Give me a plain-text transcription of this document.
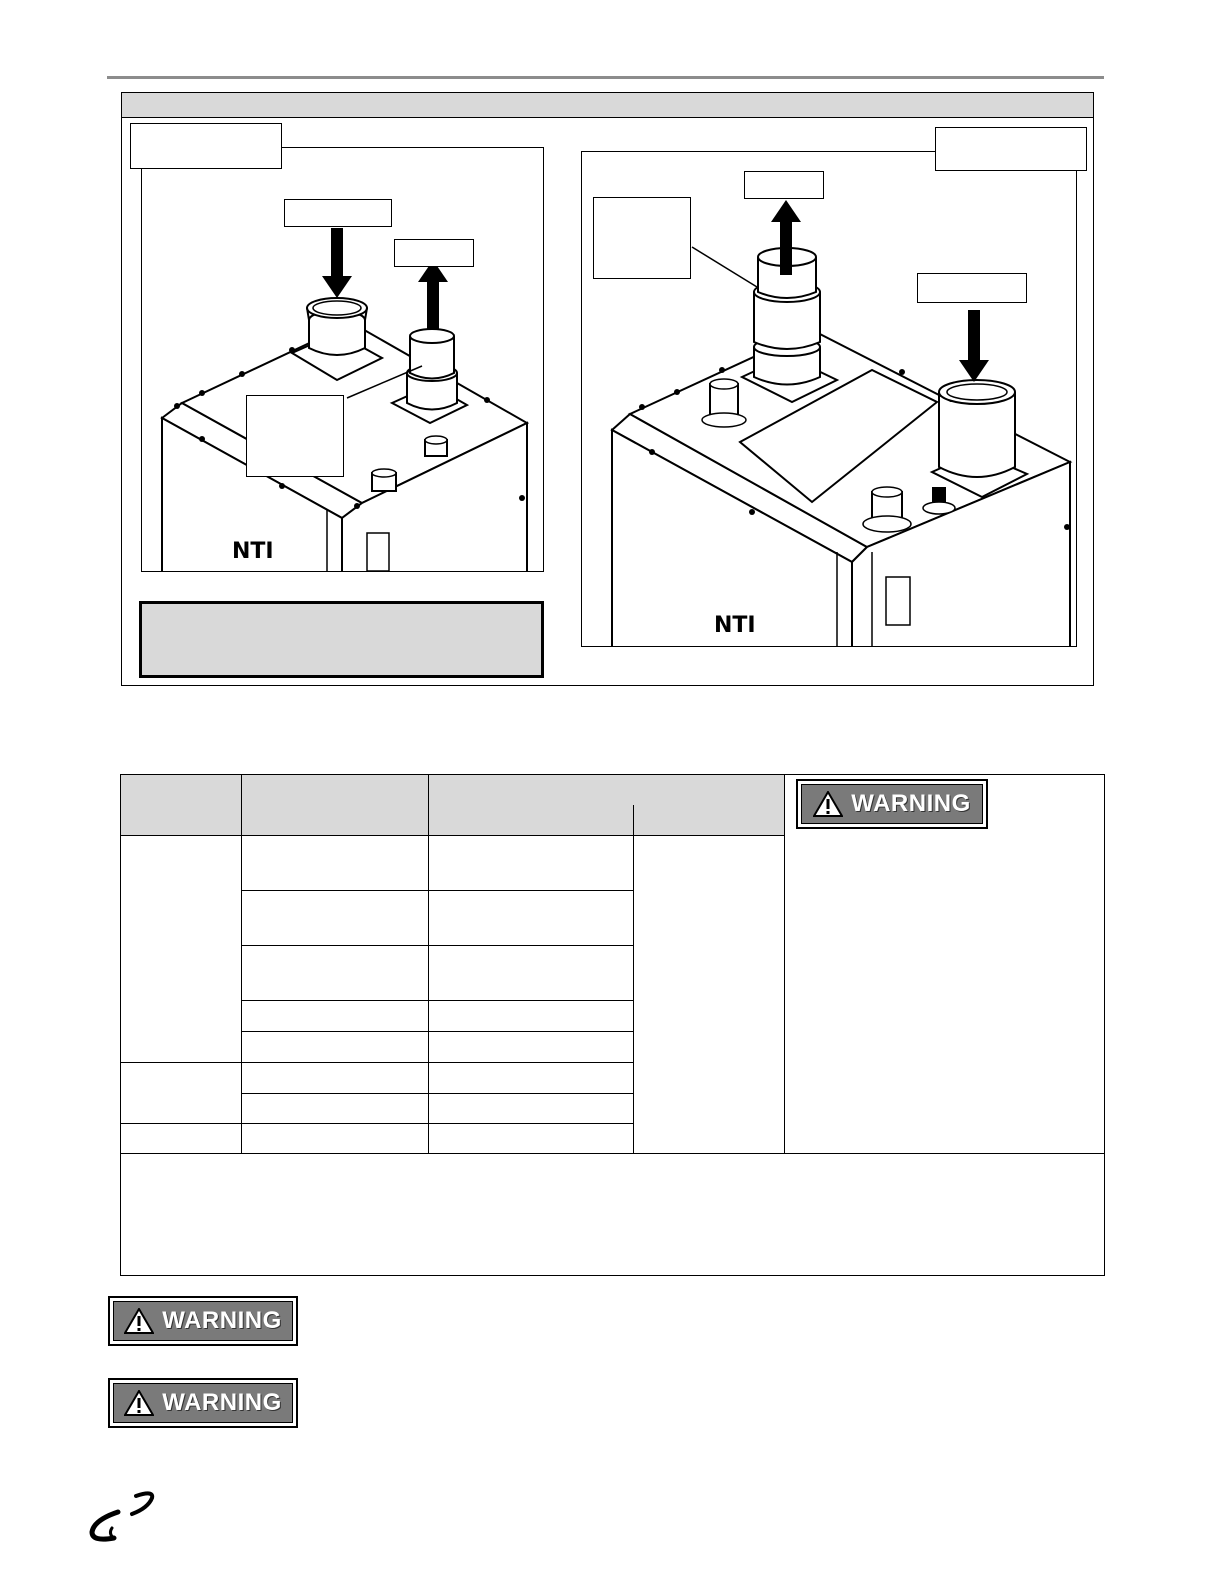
NTI
NTI
WARNING
WARNING
WARNING
